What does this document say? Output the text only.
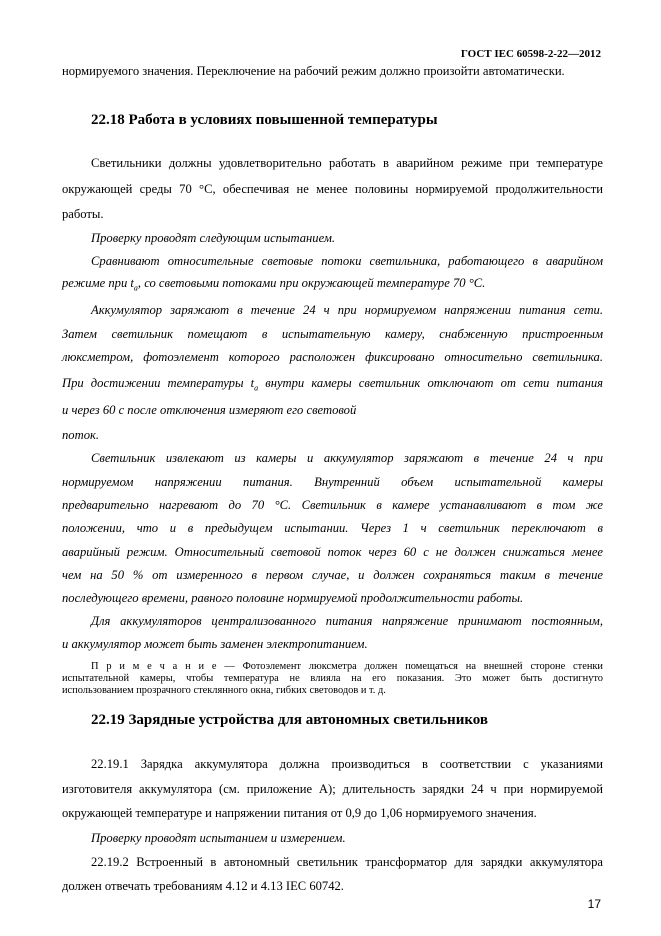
ГОСТ IEC 60598-2-22—2012
нормируемого значения. Переключение на рабочий режим должно произойти автоматически.
22.18 Работа в условиях повышенной температуры
Светильники должны удовлетворительно работать в аварийном режиме при температуре
окружающей среды 70 °С, обеспечивая не менее половины нормируемой продолжительности
работы.
Проверку проводят следующим испытанием.
Сравнивают относительные световые потоки светильника, работающего в аварийном
режиме при $t_a$, со световыми потоками при окружающей температуре 70 °С.
Аккумулятор заряжают в течение 24 ч при нормируемом напряжении питания сети.
Затем светильник помещают в испытательную камеру, снабженную пристроенным
люксметром, фотоэлемент которого расположен фиксировано относительно светильника.
При достижении температуры $t_a$ внутри камеры светильник отключают от сети питания
и через 60 с после отключения измеряют его световой
поток.
Светильник извлекают из камеры и аккумулятор заряжают в течение 24 ч при
нормируемом напряжении питания. Внутренний объем испытательной камеры
предварительно нагревают до 70 °С. Светильник в камере устанавливают в том же
положении, что и в предыдущем испытании. Через 1 ч светильник переключают в
аварийный режим. Относительный световой поток через 60 с не должен снижаться менее
чем на 50 % от измеренного в первом случае, и должен сохраняться таким в течение
последующего времени, равного половине нормируемой продолжительности работы.
Для аккумуляторов централизованного питания напряжение принимают постоянным,
и аккумулятор может быть заменен электропитанием.
П р и м е ч а н и е — Фотоэлемент люксметра должен помещаться на внешней стороне стенки
испытательной камеры, чтобы температура не влияла на его показания. Это может быть достигнуто
использованием прозрачного стеклянного окна, гибких световодов и т. д.
22.19 Зарядные устройства для автономных светильников
22.19.1 Зарядка аккумулятора должна производиться в соответствии с указаниями
изготовителя аккумулятора (см. приложение А); длительность зарядки 24 ч при нормируемой
окружающей температуре и напряжении питания от 0,9 до 1,06 нормируемого значения.
Проверку проводят испытанием и измерением.
22.19.2 Встроенный в автономный светильник трансформатор для зарядки аккумулятора
должен отвечать требованиям 4.12 и 4.13 IEC 60742.
17
